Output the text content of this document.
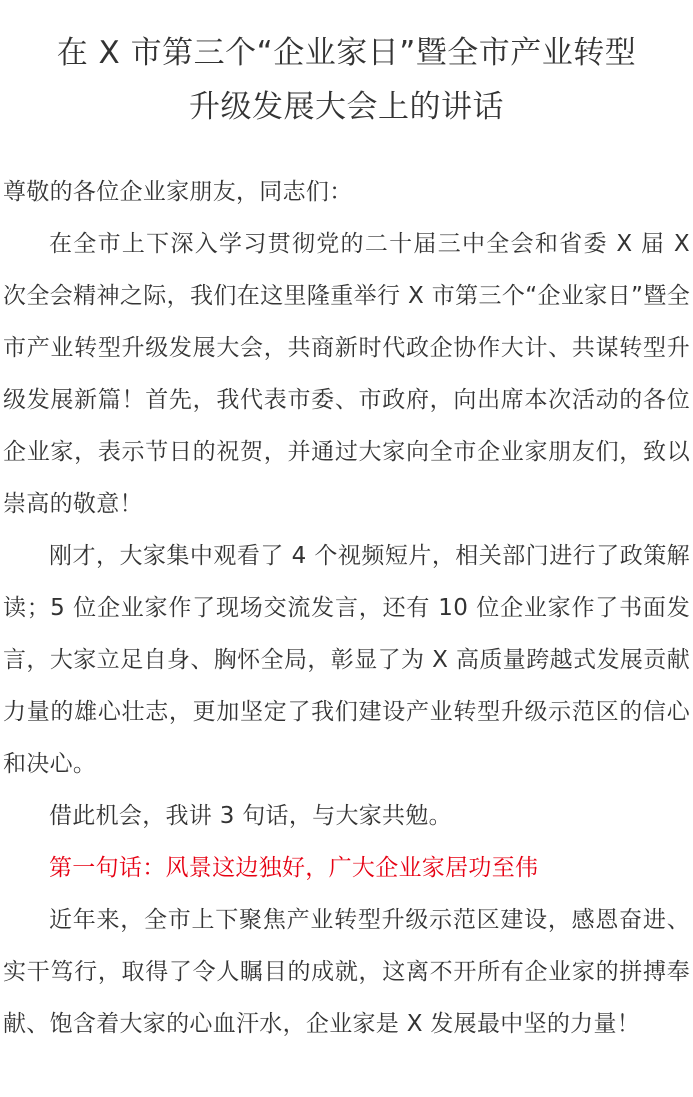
在 X 市第三个“企业家日”暨全市产业转型
升级发展大会上的讲话

尊敬的各位企业家朋友，同志们：

在全市上下深入学习贯彻党的二十届三中全会和省委 X 届 X 次全会精神之际，我们在这里隆重举行 X 市第三个“企业家日”暨全市产业转型升级发展大会，共商新时代政企协作大计、共谋转型升级发展新篇！首先，我代表市委、市政府，向出席本次活动的各位企业家，表示节日的祝贺，并通过大家向全市企业家朋友们，致以崇高的敬意！

刚才，大家集中观看了 4 个视频短片，相关部门进行了政策解读；5 位企业家作了现场交流发言，还有 10 位企业家作了书面发言，大家立足自身、胸怀全局，彰显了为 X 高质量跨越式发展贡献力量的雄心壮志，更加坚定了我们建设产业转型升级示范区的信心和决心。

借此机会，我讲 3 句话，与大家共勉。

第一句话：风景这边独好，广大企业家居功至伟

近年来，全市上下聚焦产业转型升级示范区建设，感恩奋进、实干笃行，取得了令人瞩目的成就，这离不开所有企业家的拼搏奉献、饱含着大家的心血汗水，企业家是 X 发展最中坚的力量！
